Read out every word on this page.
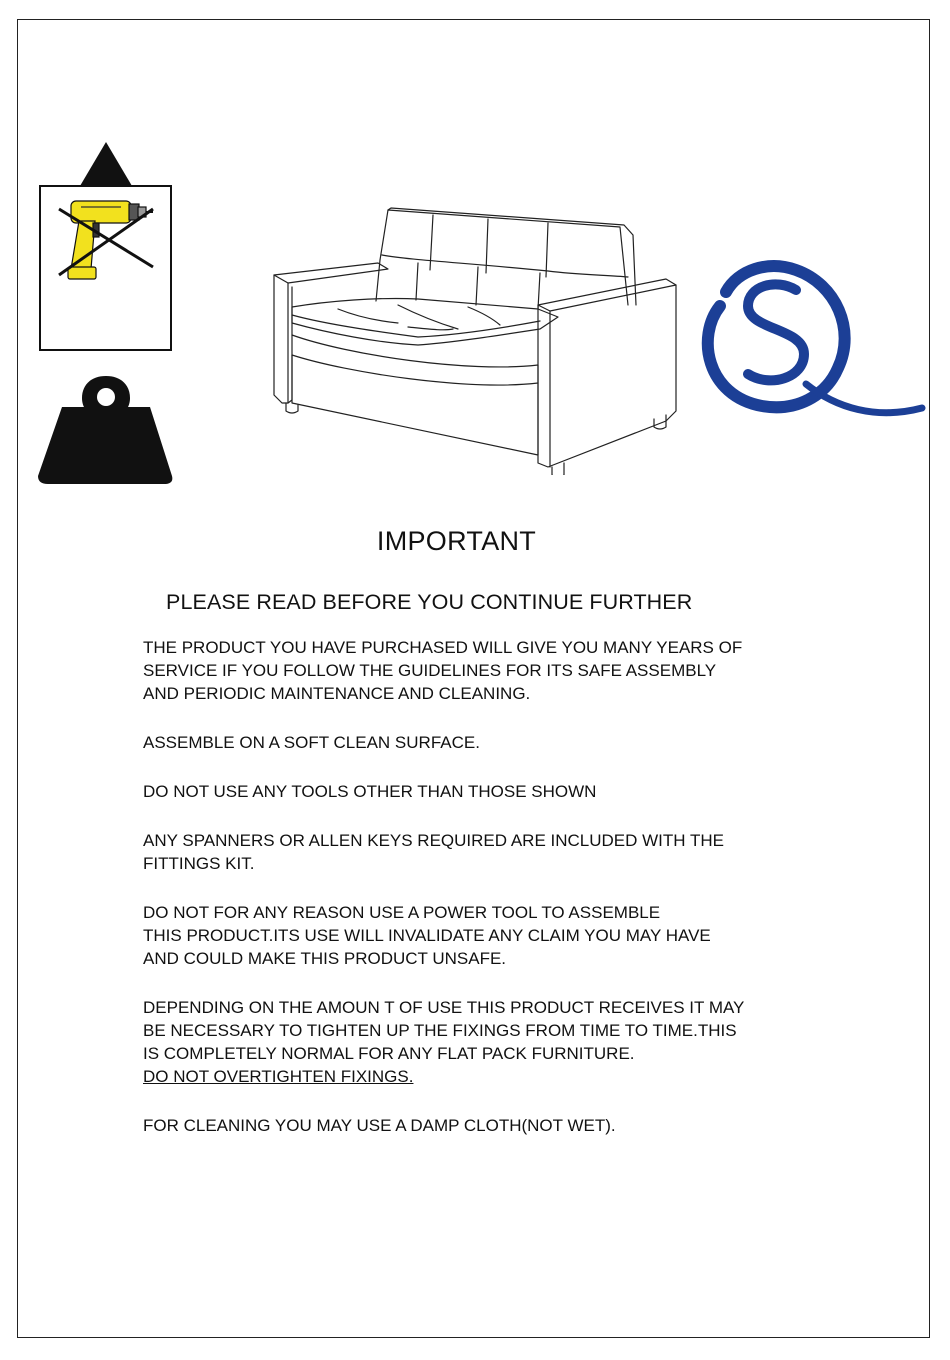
IMPORTANT
PLEASE READ BEFORE YOU CONTINUE FURTHER

THE PRODUCT YOU HAVE PURCHASED WILL GIVE YOU MANY YEARS OF
SERVICE IF YOU FOLLOW THE GUIDELINES FOR ITS SAFE ASSEMBLY
AND PERIODIC MAINTENANCE AND CLEANING.

ASSEMBLE ON A SOFT CLEAN SURFACE.

DO NOT USE ANY TOOLS OTHER THAN THOSE SHOWN

ANY SPANNERS OR ALLEN KEYS REQUIRED ARE INCLUDED WITH THE
FITTINGS KIT.

DO NOT FOR ANY REASON USE A POWER TOOL TO ASSEMBLE
THIS PRODUCT.ITS USE WILL INVALIDATE ANY CLAIM YOU MAY HAVE
AND COULD MAKE THIS PRODUCT UNSAFE.

DEPENDING ON THE AMOUN T OF USE THIS PRODUCT RECEIVES IT MAY
BE NECESSARY TO TIGHTEN UP THE FIXINGS FROM TIME TO TIME.THIS
IS COMPLETELY NORMAL FOR ANY FLAT PACK FURNITURE.
DO NOT OVERTIGHTEN FIXINGS.

FOR CLEANING YOU MAY USE A DAMP CLOTH(NOT WET).
